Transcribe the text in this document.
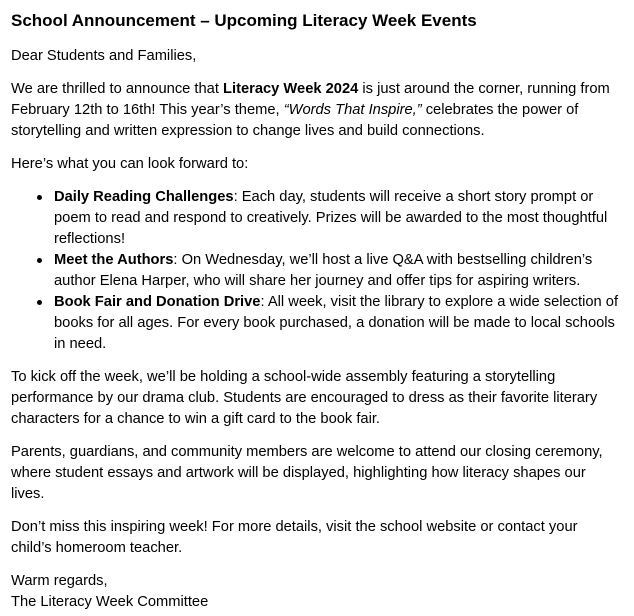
School Announcement – Upcoming Literacy Week Events
Dear Students and Families,
We are thrilled to announce that Literacy Week 2024 is just around the corner, running from February 12th to 16th! This year’s theme, “Words That Inspire,” celebrates the power of storytelling and written expression to change lives and build connections.
Here’s what you can look forward to:
Daily Reading Challenges: Each day, students will receive a short story prompt or poem to read and respond to creatively. Prizes will be awarded to the most thoughtful reflections!
Meet the Authors: On Wednesday, we’ll host a live Q&A with bestselling children’s author Elena Harper, who will share her journey and offer tips for aspiring writers.
Book Fair and Donation Drive: All week, visit the library to explore a wide selection of books for all ages. For every book purchased, a donation will be made to local schools in need.
To kick off the week, we’ll be holding a school-wide assembly featuring a storytelling performance by our drama club. Students are encouraged to dress as their favorite literary characters for a chance to win a gift card to the book fair.
Parents, guardians, and community members are welcome to attend our closing ceremony, where student essays and artwork will be displayed, highlighting how literacy shapes our lives.
Don’t miss this inspiring week! For more details, visit the school website or contact your child’s homeroom teacher.
Warm regards,
The Literacy Week Committee
